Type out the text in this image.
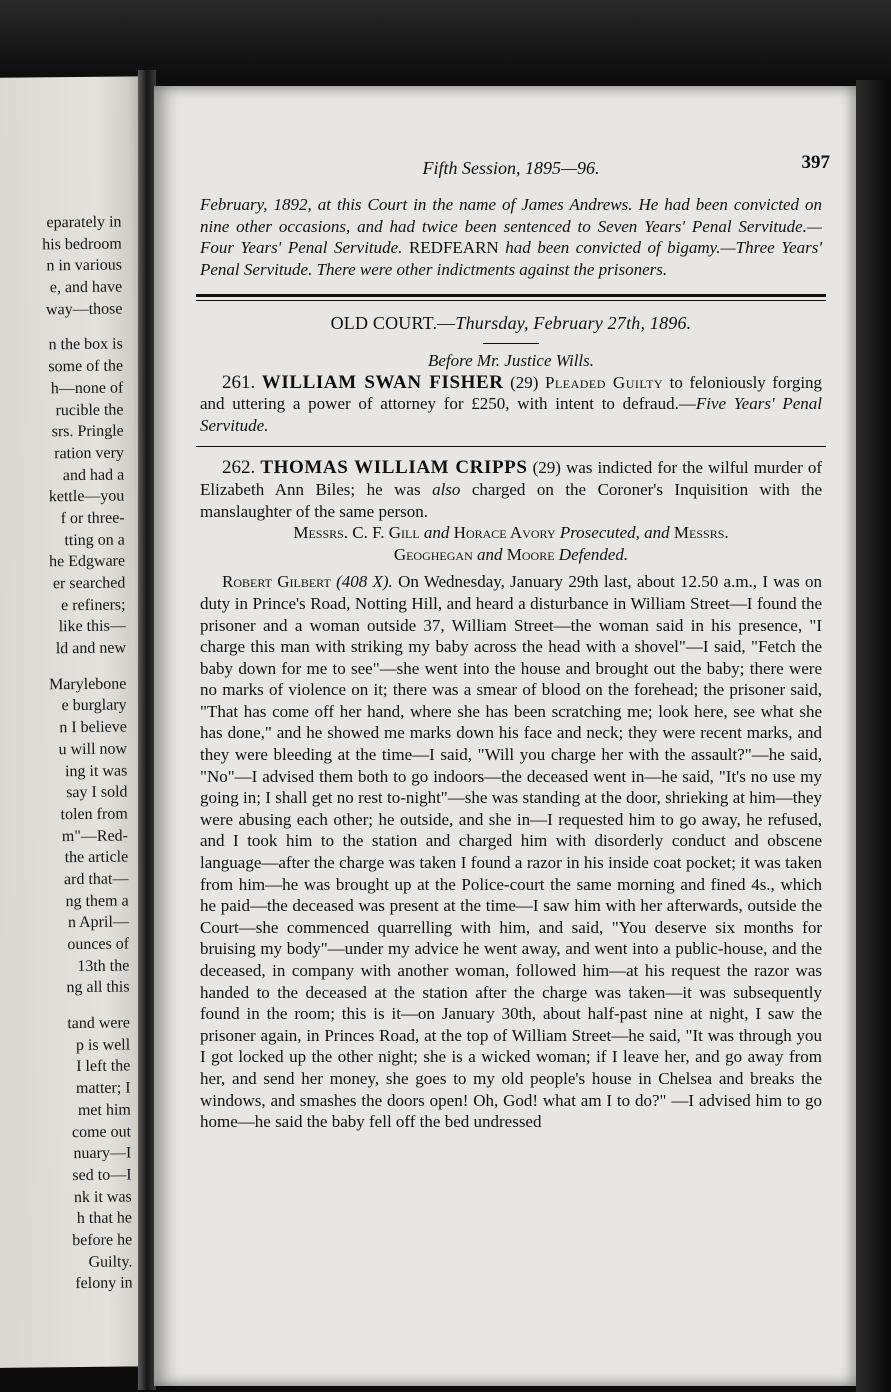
eparately in
his bedroom
n in various
e, and have
way—those
n the box is
some of the
h—none of
rucible the
srs. Pringle
ration very
and had a
kettle—you
f or three-
tting on a
he Edgware
er searched
e refiners;
like this—
ld and new
Marylebone
e burglary
n I believe
u will now
ing it was
say I sold
tolen from
m"—Red-
the article
ard that—
ng them a
n April—
ounces of
13th the
ng all this
tand were
p is well
I left the
matter; I
met him
come out
nuary—I
sed to—I
nk it was
h that he
before he
Guilty.
felony in
Fifth Session, 1895—96.	397
February, 1892, at this Court in the name of James Andrews. He had been convicted on nine other occasions, and had twice been sentenced to Seven Years' Penal Servitude.—Four Years' Penal Servitude. REDFEARN had been convicted of bigamy.—Three Years' Penal Servitude. There were other indictments against the prisoners.
OLD COURT.—Thursday, February 27th, 1896.
Before Mr. Justice Wills.

261. WILLIAM SWAN FISHER (29) Pleaded Guilty to feloniously forging and uttering a power of attorney for £250, with intent to defraud.—Five Years' Penal Servitude.

262. THOMAS WILLIAM CRIPPS (29) was indicted for the wilful murder of Elizabeth Ann Biles; he was also charged on the Coroner's Inquisition with the manslaughter of the same person.

Messrs. C. F. Gill and Horace Avory Prosecuted, and Messrs.
Geoghegan and Moore Defended.

Robert Gilbert (408 X). On Wednesday, January 29th last, about 12.50 a.m., I was on duty in Prince's Road, Notting Hill, and heard a disturbance in William Street—I found the prisoner and a woman outside 37, William Street—the woman said in his presence, "I charge this man with striking my baby across the head with a shovel"—I said, "Fetch the baby down for me to see"—she went into the house and brought out the baby; there were no marks of violence on it; there was a smear of blood on the forehead; the prisoner said, "That has come off her hand, where she has been scratching me; look here, see what she has done," and he showed me marks down his face and neck; they were recent marks, and they were bleeding at the time—I said, "Will you charge her with the assault?"—he said, "No"—I advised them both to go indoors—the deceased went in—he said, "It's no use my going in; I shall get no rest to-night"—she was standing at the door, shrieking at him—they were abusing each other; he outside, and she in—I requested him to go away, he refused, and I took him to the station and charged him with disorderly conduct and obscene language—after the charge was taken I found a razor in his inside coat pocket; it was taken from him—he was brought up at the Police-court the same morning and fined 4s., which he paid—the deceased was present at the time—I saw him with her afterwards, outside the Court—she commenced quarrelling with him, and said, "You deserve six months for bruising my body"—under my advice he went away, and went into a public-house, and the deceased, in company with another woman, followed him—at his request the razor was handed to the deceased at the station after the charge was taken—it was subsequently found in the room; this is it—on January 30th, about half-past nine at night, I saw the prisoner again, in Princes Road, at the top of William Street—he said, "It was through you I got locked up the other night; she is a wicked woman; if I leave her, and go away from her, and send her money, she goes to my old people's house in Chelsea and breaks the windows, and smashes the doors open! Oh, God! what am I to do?" —I advised him to go home—he said the baby fell off the bed undressed
